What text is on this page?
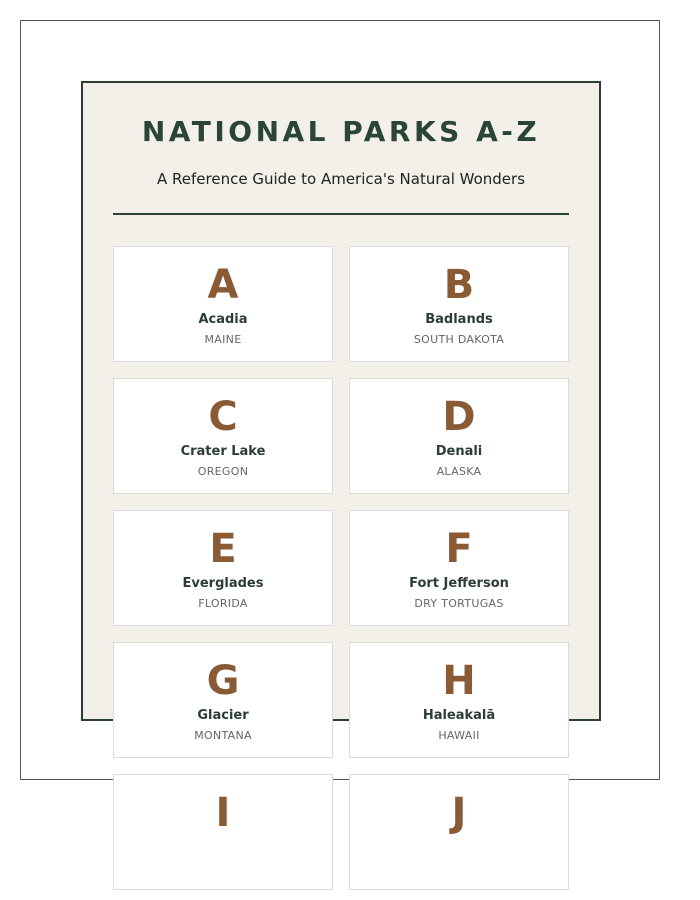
NATIONAL PARKS A-Z

A Reference Guide to America's Natural Wonders

A
Acadia
MAINE
B
Badlands
SOUTH DAKOTA
C
Crater Lake
OREGON
D
Denali
ALASKA
E
Everglades
FLORIDA
F
Fort Jefferson
DRY TORTUGAS
G
Glacier
MONTANA
H
Haleakalā
HAWAII
I	J
